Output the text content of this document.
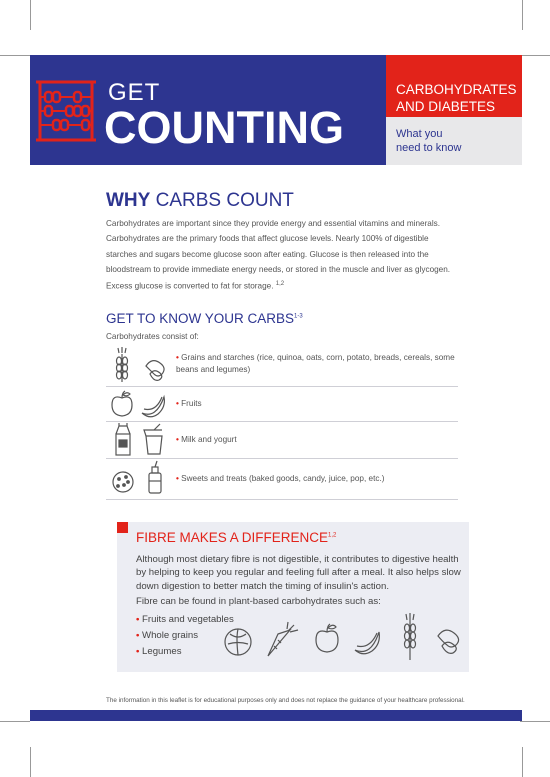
GET
COUNTING
CARBOHYDRATES
AND DIABETES
What you
need to know
WHY CARBS COUNT
Carbohydrates are important since they provide energy and essential vitamins and minerals. Carbohydrates are the primary foods that affect glucose levels. Nearly 100% of digestible starches and sugars become glucose soon after eating. Glucose is then released into the bloodstream to provide immediate energy needs, or stored in the muscle and liver as glycogen. Excess glucose is converted to fat for storage. $^{1,2}$
GET TO KNOW YOUR CARBS$^{1-3}$
Carbohydrates consist of:
• Grains and starches (rice, quinoa, oats, corn, potato, breads, cereals, some beans and legumes)
• Fruits
• Milk and yogurt
• Sweets and treats (baked goods, candy, juice, pop, etc.)
FIBRE MAKES A DIFFERENCE$^{1,2}$
Although most dietary fibre is not digestible, it contributes to digestive health by helping to keep you regular and feeling full after a meal. It also helps slow down digestion to better match the timing of insulin's action.
Fibre can be found in plant-based carbohydrates such as:
• Fruits and vegetables
• Whole grains
• Legumes
The information in this leaflet is for educational purposes only and does not replace the guidance of your healthcare professional.
